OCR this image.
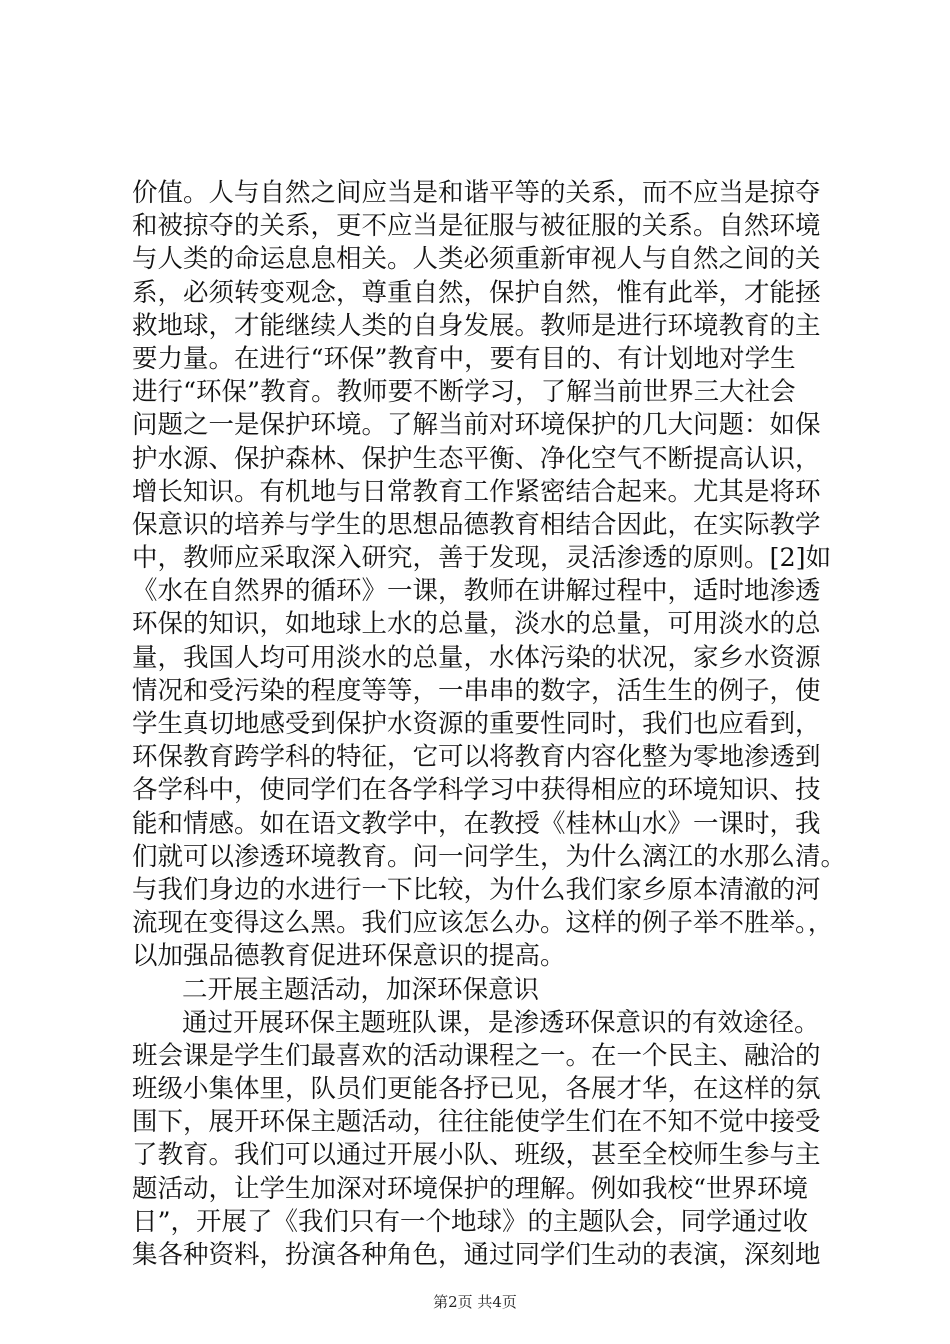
价值。人与自然之间应当是和谐平等的关系，而不应当是掠夺
和被掠夺的关系，更不应当是征服与被征服的关系。自然环境
与人类的命运息息相关。人类必须重新审视人与自然之间的关
系，必须转变观念，尊重自然，保护自然，惟有此举，才能拯
救地球，才能继续人类的自身发展。教师是进行环境教育的主
要力量。在进行“环保”教育中，要有目的、有计划地对学生
进行“环保”教育。教师要不断学习，了解当前世界三大社会
问题之一是保护环境。了解当前对环境保护的几大问题：如保
护水源、保护森林、保护生态平衡、净化空气不断提高认识，
增长知识。有机地与日常教育工作紧密结合起来。尤其是将环
保意识的培养与学生的思想品德教育相结合因此，在实际教学
中，教师应采取深入研究，善于发现，灵活渗透的原则。[2]如
《水在自然界的循环》一课，教师在讲解过程中，适时地渗透
环保的知识，如地球上水的总量，淡水的总量，可用淡水的总
量，我国人均可用淡水的总量，水体污染的状况，家乡水资源
情况和受污染的程度等等，一串串的数字，活生生的例子，使
学生真切地感受到保护水资源的重要性同时，我们也应看到，
环保教育跨学科的特征，它可以将教育内容化整为零地渗透到
各学科中，使同学们在各学科学习中获得相应的环境知识、技
能和情感。如在语文教学中，在教授《桂林山水》一课时，我
们就可以渗透环境教育。问一问学生，为什么漓江的水那么清。
与我们身边的水进行一下比较，为什么我们家乡原本清澈的河
流现在变得这么黑。我们应该怎么办。这样的例子举不胜举。，
以加强品德教育促进环保意识的提高。
二开展主题活动，加深环保意识
通过开展环保主题班队课，是渗透环保意识的有效途径。
班会课是学生们最喜欢的活动课程之一。在一个民主、融洽的
班级小集体里，队员们更能各抒已见，各展才华，在这样的氛
围下，展开环保主题活动，往往能使学生们在不知不觉中接受
了教育。我们可以通过开展小队、班级，甚至全校师生参与主
题活动，让学生加深对环境保护的理解。例如我校“世界环境
日”，开展了《我们只有一个地球》的主题队会，同学通过收
集各种资料，扮演各种角色，通过同学们生动的表演，深刻地
第2页 共4页
